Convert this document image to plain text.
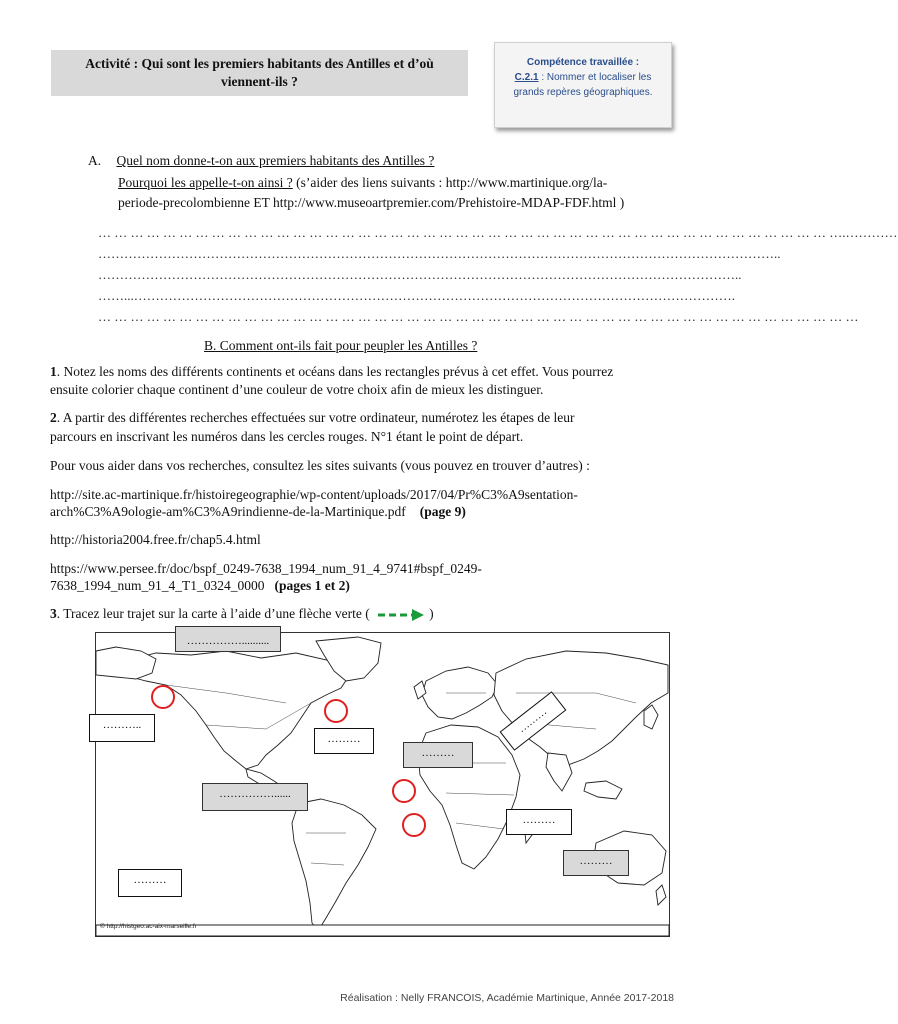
Activité : Qui sont les premiers habitants des Antilles et d’où
viennent-ils ?
Compétence travaillée :
C.2.1 : Nommer et localiser les
grands repères géographiques.
A. Quel nom donne-t-on aux premiers habitants des Antilles ?
Pourquoi les appelle-t-on ainsi ? (s’aider des liens suivants : http://www.martinique.org/la-
periode-precolombienne ET http://www.museoartpremier.com/Prehistoire-MDAP-FDF.html )
… … … … … … … … … … … … … … … … … … … … … … … … … … … … … … … … … … … … … … … … … … … … … ….…………
…………………………………………………………………………………………………………………………………………..
…………………………………………………………………………………………………………………………………..
……...………………………………………………………………………………………………………………………….
… … … … … … … … … … … … … … … … … … … … … … … … … … … … … … … … … … … … … … … … … … … … … … …
B. Comment ont-ils fait pour peupler les Antilles ?
1. Notez les noms des différents continents et océans dans les rectangles prévus à cet effet. Vous pourrez
ensuite colorier chaque continent d’une couleur de votre choix afin de mieux les distinguer.
2. A partir des différentes recherches effectuées sur votre ordinateur, numérotez les étapes de leur
parcours en inscrivant les numéros dans les cercles rouges. N°1 étant le point de départ.
Pour vous aider dans vos recherches, consultez les sites suivants (vous pouvez en trouver d’autres) :
http://site.ac-martinique.fr/histoiregeographie/wp-content/uploads/2017/04/Pr%C3%A9sentation-
arch%C3%A9ologie-am%C3%A9rindienne-de-la-Martinique.pdf (page 9)
http://historia2004.free.fr/chap5.4.html
https://www.persee.fr/doc/bspf_0249-7638_1994_num_91_4_9741#bspf_0249-
7638_1994_num_91_4_T1_0324_0000 (pages 1 et 2)
3. Tracez leur trajet sur la carte à l’aide d’une flèche verte (	)
……………..........
………..
………
………
………
……………......
………
………
………
© http://histgeo.ac-aix-marseille.fr
Réalisation : Nelly FRANCOIS, Académie Martinique, Année 2017-2018
